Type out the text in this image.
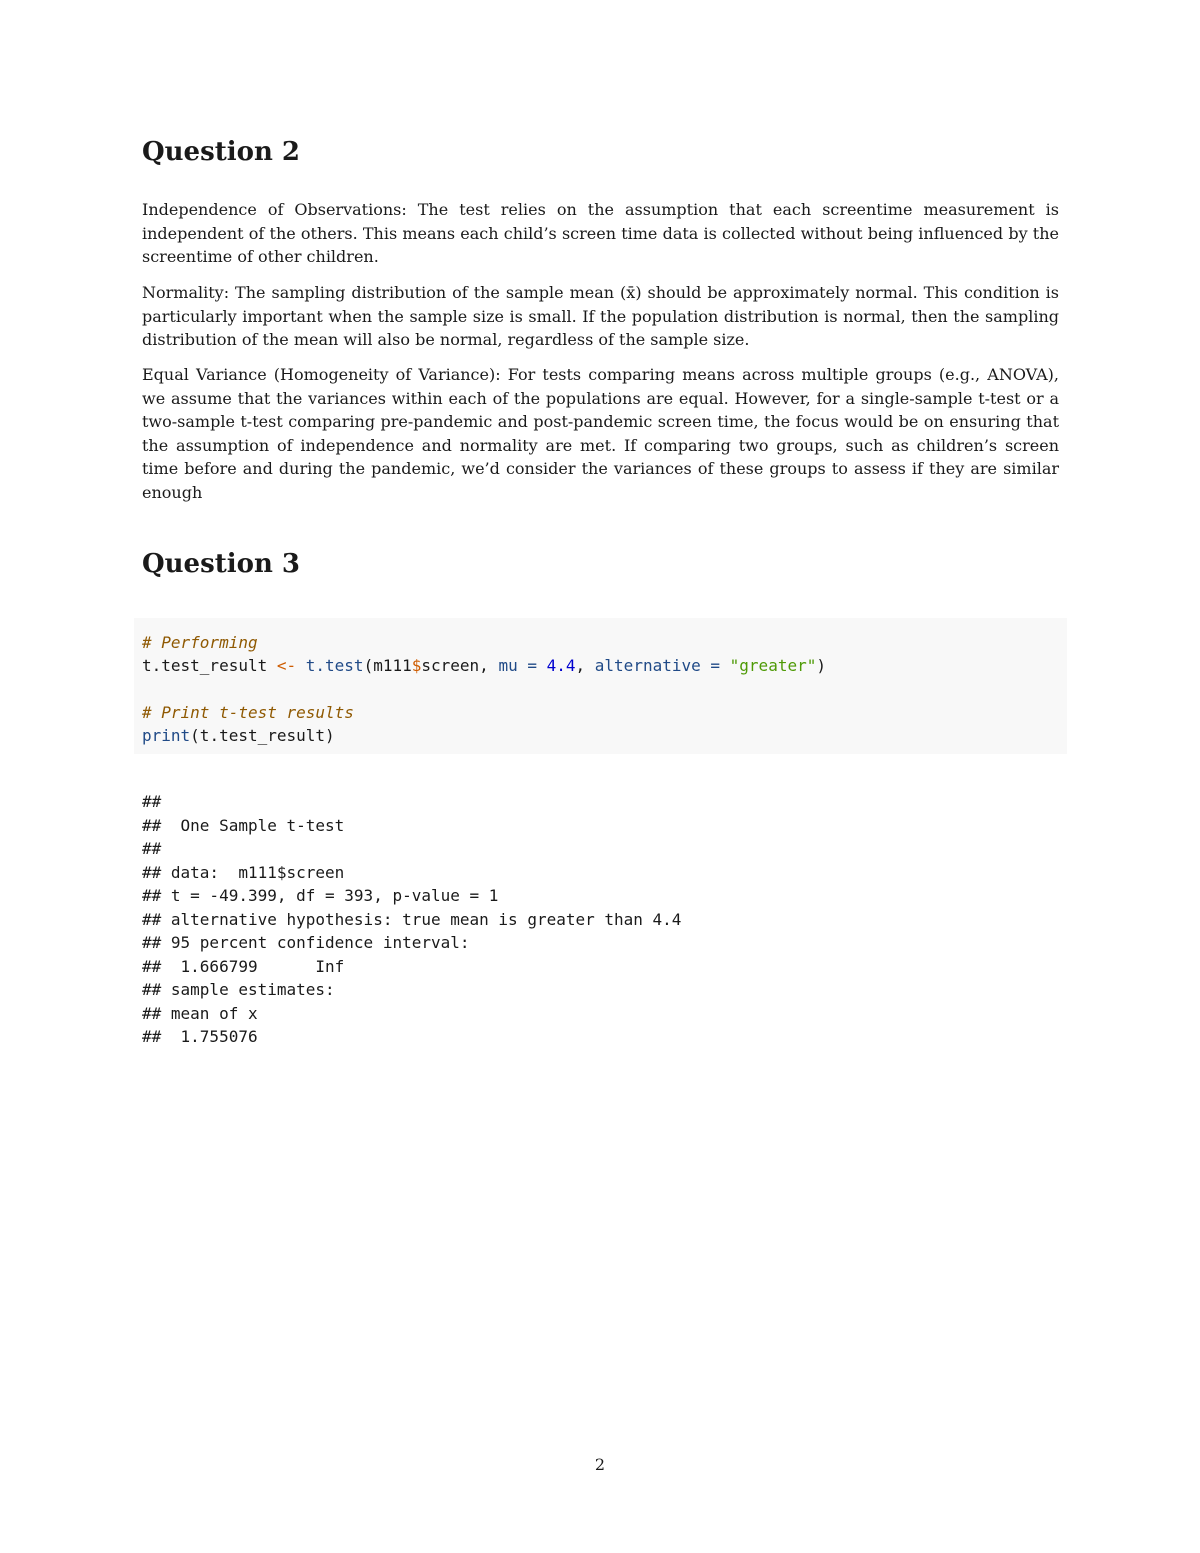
Question 2

Independence of Observations: The test relies on the assumption that each screentime measurement is independent of the others. This means each child’s screen time data is collected without being influenced by the screentime of other children.

Normality: The sampling distribution of the sample mean (x̄) should be approximately normal. This condition is particularly important when the sample size is small. If the population distribution is normal, then the sampling distribution of the mean will also be normal, regardless of the sample size.

Equal Variance (Homogeneity of Variance): For tests comparing means across multiple groups (e.g., ANOVA), we assume that the variances within each of the populations are equal. However, for a single-sample t-test or a two-sample t-test comparing pre-pandemic and post-pandemic screen time, the focus would be on ensuring that the assumption of independence and normality are met. If comparing two groups, such as children’s screen time before and during the pandemic, we’d consider the variances of these groups to assess if they are similar enough

Question 3
# Performing
t.test_result <- t.test(m111$screen, mu = 4.4, alternative = "greater")
# Print t-test results
print(t.test_result)
##
##  One Sample t-test
##
## data:  m111$screen
## t = -49.399, df = 393, p-value = 1
## alternative hypothesis: true mean is greater than 4.4
## 95 percent confidence interval:
##  1.666799      Inf
## sample estimates:
## mean of x
##  1.755076
2
